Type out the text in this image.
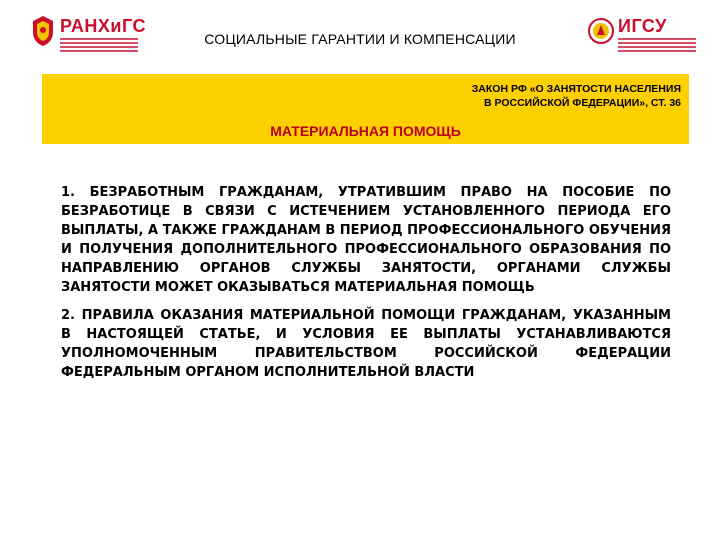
РАНХиГС
СОЦИАЛЬНЫЕ ГАРАНТИИ И КОМПЕНСАЦИИ
ИГСУ
ЗАКОН РФ «О ЗАНЯТОСТИ НАСЕЛЕНИЯ
В РОССИЙСКОЙ ФЕДЕРАЦИИ», СТ. 36
МАТЕРИАЛЬНАЯ ПОМОЩЬ

1. БЕЗРАБОТНЫМ ГРАЖДАНАМ, УТРАТИВШИМ ПРАВО НА ПОСОБИЕ ПО БЕЗРАБОТИЦЕ В СВЯЗИ С ИСТЕЧЕНИЕМ УСТАНОВЛЕННОГО ПЕРИОДА ЕГО ВЫПЛАТЫ, А ТАКЖЕ ГРАЖДАНАМ В ПЕРИОД ПРОФЕССИОНАЛЬНОГО ОБУЧЕНИЯ И ПОЛУЧЕНИЯ ДОПОЛНИТЕЛЬНОГО ПРОФЕССИОНАЛЬНОГО ОБРАЗОВАНИЯ ПО НАПРАВЛЕНИЮ ОРГАНОВ СЛУЖБЫ ЗАНЯТОСТИ, ОРГАНАМИ СЛУЖБЫ ЗАНЯТОСТИ МОЖЕТ ОКАЗЫВАТЬСЯ МАТЕРИАЛЬНАЯ ПОМОЩЬ

2. ПРАВИЛА ОКАЗАНИЯ МАТЕРИАЛЬНОЙ ПОМОЩИ ГРАЖДАНАМ, УКАЗАННЫМ В НАСТОЯЩЕЙ СТАТЬЕ, И УСЛОВИЯ ЕЕ ВЫПЛАТЫ УСТАНАВЛИВАЮТСЯ УПОЛНОМОЧЕННЫМ ПРАВИТЕЛЬСТВОМ РОССИЙСКОЙ ФЕДЕРАЦИИ ФЕДЕРАЛЬНЫМ ОРГАНОМ ИСПОЛНИТЕЛЬНОЙ ВЛАСТИ
